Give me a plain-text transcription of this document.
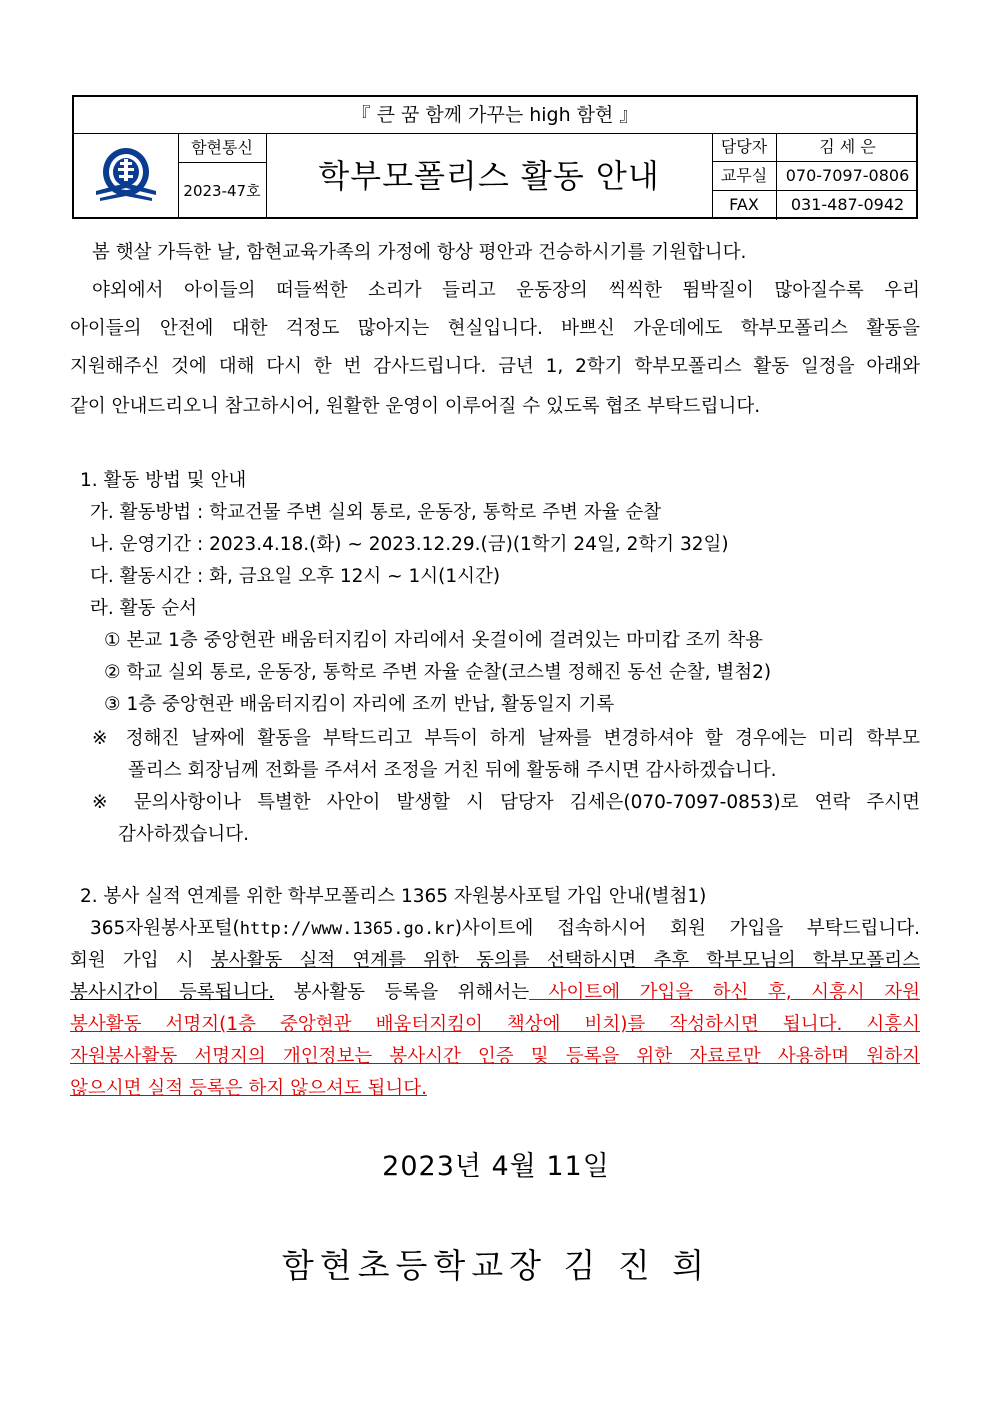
『 큰 꿈 함께 가꾸는 high 함현 』
함현통신
2023-47호	학부모폴리스 활동 안내
담당자	김 세 은
교무실	070-7097-0806
FAX	031-487-0942
봄 햇살 가득한 날, 함현교육가족의 가정에 항상 평안과 건승하시기를 기원합니다.
야외에서 아이들의 떠들썩한 소리가 들리고 운동장의 씩씩한 뜀박질이 많아질수록 우리
아이들의 안전에 대한 걱정도 많아지는 현실입니다. 바쁘신 가운데에도 학부모폴리스 활동을
지원해주신 것에 대해 다시 한 번 감사드립니다. 금년 1, 2학기 학부모폴리스 활동 일정을 아래와
같이 안내드리오니 참고하시어, 원활한 운영이 이루어질 수 있도록 협조 부탁드립니다.
1. 활동 방법 및 안내
가. 활동방법 : 학교건물 주변 실외 통로, 운동장, 통학로 주변 자율 순찰
나. 운영기간 : 2023.4.18.(화) ~ 2023.12.29.(금)(1학기 24일, 2학기 32일)
다. 활동시간 : 화, 금요일 오후 12시 ~ 1시(1시간)
라. 활동 순서
① 본교 1층 중앙현관 배움터지킴이 자리에서 옷걸이에 걸려있는 마미캅 조끼 착용
② 학교 실외 통로, 운동장, 통학로 주변 자율 순찰(코스별 정해진 동선 순찰, 별첨2)
③ 1층 중앙현관 배움터지킴이 자리에 조끼 반납, 활동일지 기록
※ 정해진 날짜에 활동을 부탁드리고 부득이 하게 날짜를 변경하셔야 할 경우에는 미리 학부모
폴리스 회장님께 전화를 주셔서 조정을 거친 뒤에 활동해 주시면 감사하겠습니다.
※ 문의사항이나 특별한 사안이 발생할 시 담당자 김세은(070-7097-0853)로 연락 주시면
감사하겠습니다.
2. 봉사 실적 연계를 위한 학부모폴리스 1365 자원봉사포털 가입 안내(별첨1)
365자원봉사포털(http://www.1365.go.kr)사이트에 접속하시어 회원 가입을 부탁드립니다.
회원 가입 시 봉사활동 실적 연계를 위한 동의를 선택하시면 추후 학부모님의 학부모폴리스
봉사시간이 등록됩니다. 봉사활동 등록을 위해서는 사이트에 가입을 하신 후, 시흥시 자원
봉사활동 서명지(1층 중앙현관 배움터지킴이 책상에 비치)를 작성하시면 됩니다. 시흥시
자원봉사활동 서명지의 개인정보는 봉사시간 인증 및 등록을 위한 자료로만 사용하며 원하지
않으시면 실적 등록은 하지 않으셔도 됩니다.
2023년 4월 11일
함현초등학교장 김 진 희
